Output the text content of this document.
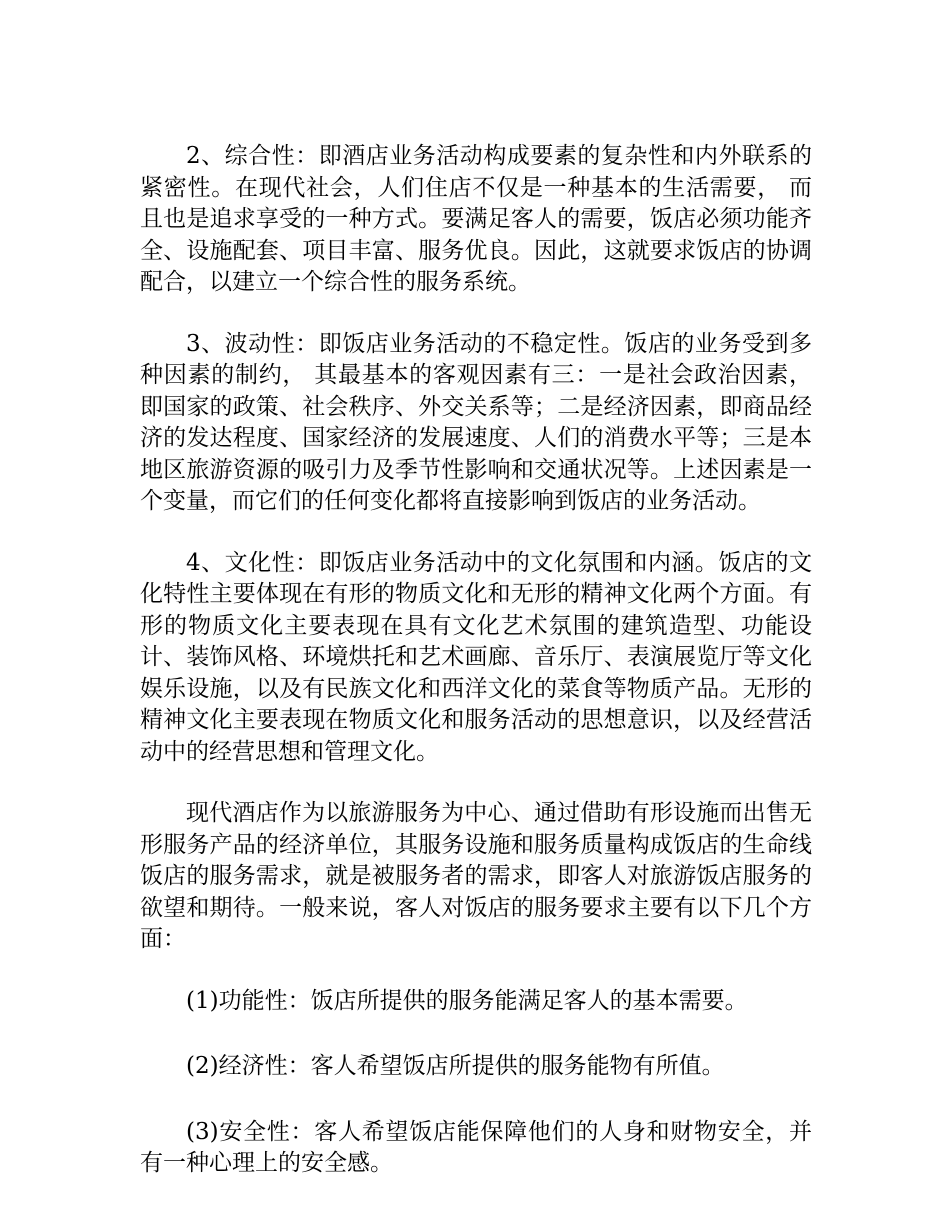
2、综合性：即酒店业务活动构成要素的复杂性和内外联系的紧密性。在现代社会，人们住店不仅是一种基本的生活需要， 而且也是追求享受的一种方式。要满足客人的需要，饭店必须功能齐全、设施配套、项目丰富、服务优良。因此，这就要求饭店的协调配合，以建立一个综合性的服务系统。

3、波动性：即饭店业务活动的不稳定性。饭店的业务受到多种因素的制约， 其最基本的客观因素有三：一是社会政治因素，即国家的政策、社会秩序、外交关系等；二是经济因素，即商品经济的发达程度、国家经济的发展速度、人们的消费水平等；三是本地区旅游资源的吸引力及季节性影响和交通状况等。上述因素是一个变量，而它们的任何变化都将直接影响到饭店的业务活动。

4、文化性：即饭店业务活动中的文化氛围和内涵。饭店的文化特性主要体现在有形的物质文化和无形的精神文化两个方面。有形的物质文化主要表现在具有文化艺术氛围的建筑造型、功能设计、装饰风格、环境烘托和艺术画廊、音乐厅、表演展览厅等文化娱乐设施，以及有民族文化和西洋文化的菜食等物质产品。无形的精神文化主要表现在物质文化和服务活动的思想意识，以及经营活动中的经营思想和管理文化。

现代酒店作为以旅游服务为中心、通过借助有形设施而出售无形服务产品的经济单位，其服务设施和服务质量构成饭店的生命线饭店的服务需求，就是被服务者的需求，即客人对旅游饭店服务的欲望和期待。一般来说，客人对饭店的服务要求主要有以下几个方面：

(1)功能性：饭店所提供的服务能满足客人的基本需要。

(2)经济性：客人希望饭店所提供的服务能物有所值。

(3)安全性：客人希望饭店能保障他们的人身和财物安全，并有一种心理上的安全感。
